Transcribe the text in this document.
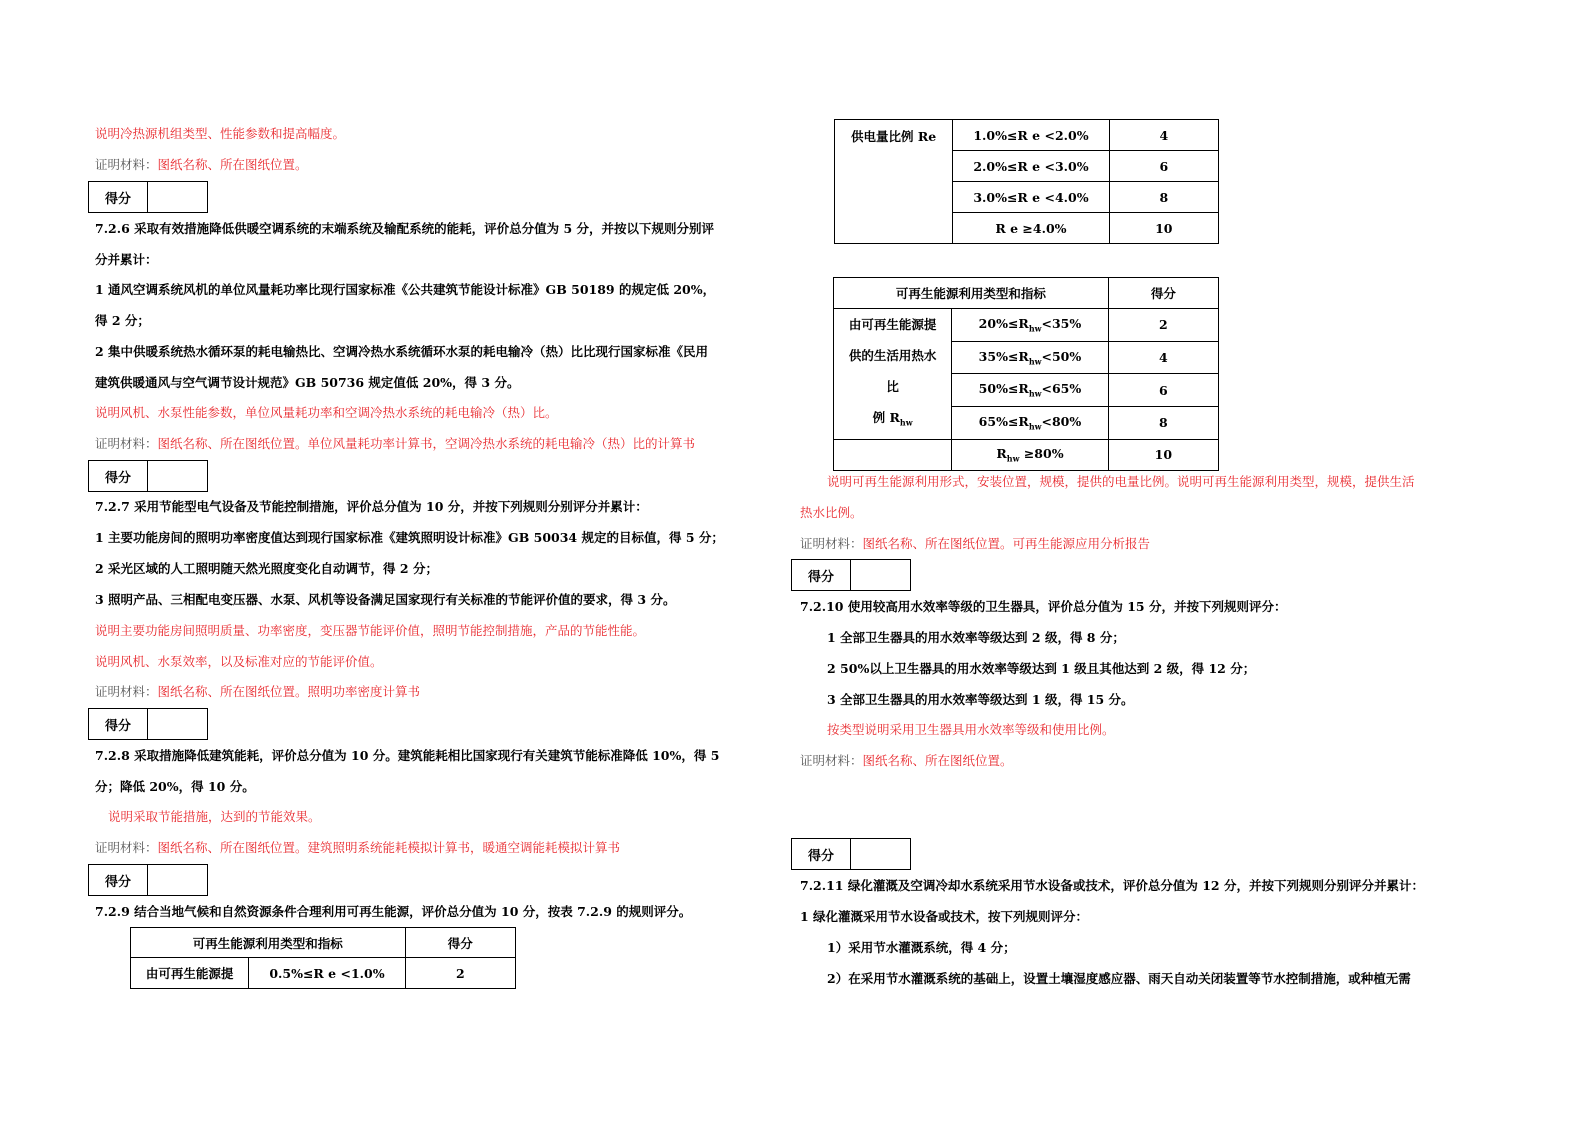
说明冷热源机组类型、性能参数和提高幅度。
证明材料：图纸名称、所在图纸位置。
得分
7.2.6 采取有效措施降低供暖空调系统的末端系统及输配系统的能耗，评价总分值为 5 分，并按以下规则分别评
分并累计：
1 通风空调系统风机的单位风量耗功率比现行国家标准《公共建筑节能设计标准》GB 50189 的规定低 20%，
得 2 分；
2 集中供暖系统热水循环泵的耗电输热比、空调冷热水系统循环水泵的耗电输冷（热）比比现行国家标准《民用
建筑供暖通风与空气调节设计规范》GB 50736 规定值低 20%，得 3 分。
说明风机、水泵性能参数，单位风量耗功率和空调冷热水系统的耗电输冷（热）比。
证明材料：图纸名称、所在图纸位置。单位风量耗功率计算书，空调冷热水系统的耗电输冷（热）比的计算书
得分
7.2.7 采用节能型电气设备及节能控制措施，评价总分值为 10 分，并按下列规则分别评分并累计：
1 主要功能房间的照明功率密度值达到现行国家标准《建筑照明设计标准》GB 50034 规定的目标值，得 5 分；
2 采光区域的人工照明随天然光照度变化自动调节，得 2 分；
3 照明产品、三相配电变压器、水泵、风机等设备满足国家现行有关标准的节能评价值的要求，得 3 分。
说明主要功能房间照明质量、功率密度，变压器节能评价值，照明节能控制措施，产品的节能性能。
说明风机、水泵效率，以及标准对应的节能评价值。
证明材料：图纸名称、所在图纸位置。照明功率密度计算书
得分
7.2.8 采取措施降低建筑能耗，评价总分值为 10 分。建筑能耗相比国家现行有关建筑节能标准降低 10%，得 5
分；降低 20%，得 10 分。
说明采取节能措施，达到的节能效果。
证明材料：图纸名称、所在图纸位置。建筑照明系统能耗模拟计算书，暖通空调能耗模拟计算书
得分
7.2.9 结合当地气候和自然资源条件合理利用可再生能源，评价总分值为 10 分，按表 7.2.9 的规则评分。
可再生能源利用类型和指标		得分
由可再生能源提	0.5%≤R e <1.0%	2
供电量比例 Re	1.0%≤R e <2.0%	4
	2.0%≤R e <3.0%	6
	3.0%≤R e <4.0%	8
	R e ≥4.0%	10
可再生能源利用类型和指标		得分

由可再生能源提
供的生活用热水
比
例 $R_{hw}$	$20\%\le R_{hw}<35\%$	2
	$35\%\le R_{hw}<50\%$	4
	$50\%\le R_{hw}<65\%$	6
	$65\%\le R_{hw}<80\%$	8
	$R_{hw} \ge 80\%$	10
说明可再生能源利用形式，安装位置，规模，提供的电量比例。说明可再生能源利用类型，规模，提供生活
热水比例。
证明材料：图纸名称、所在图纸位置。可再生能源应用分析报告
得分
7.2.10 使用较高用水效率等级的卫生器具，评价总分值为 15 分，并按下列规则评分：
1 全部卫生器具的用水效率等级达到 2 级，得 8 分；
2 50%以上卫生器具的用水效率等级达到 1 级且其他达到 2 级，得 12 分；
3 全部卫生器具的用水效率等级达到 1 级，得 15 分。
按类型说明采用卫生器具用水效率等级和使用比例。
证明材料：图纸名称、所在图纸位置。
得分
7.2.11 绿化灌溉及空调冷却水系统采用节水设备或技术，评价总分值为 12 分，并按下列规则分别评分并累计：
1 绿化灌溉采用节水设备或技术，按下列规则评分：
1）采用节水灌溉系统，得 4 分；
2）在采用节水灌溉系统的基础上，设置土壤湿度感应器、雨天自动关闭装置等节水控制措施，或种植无需
